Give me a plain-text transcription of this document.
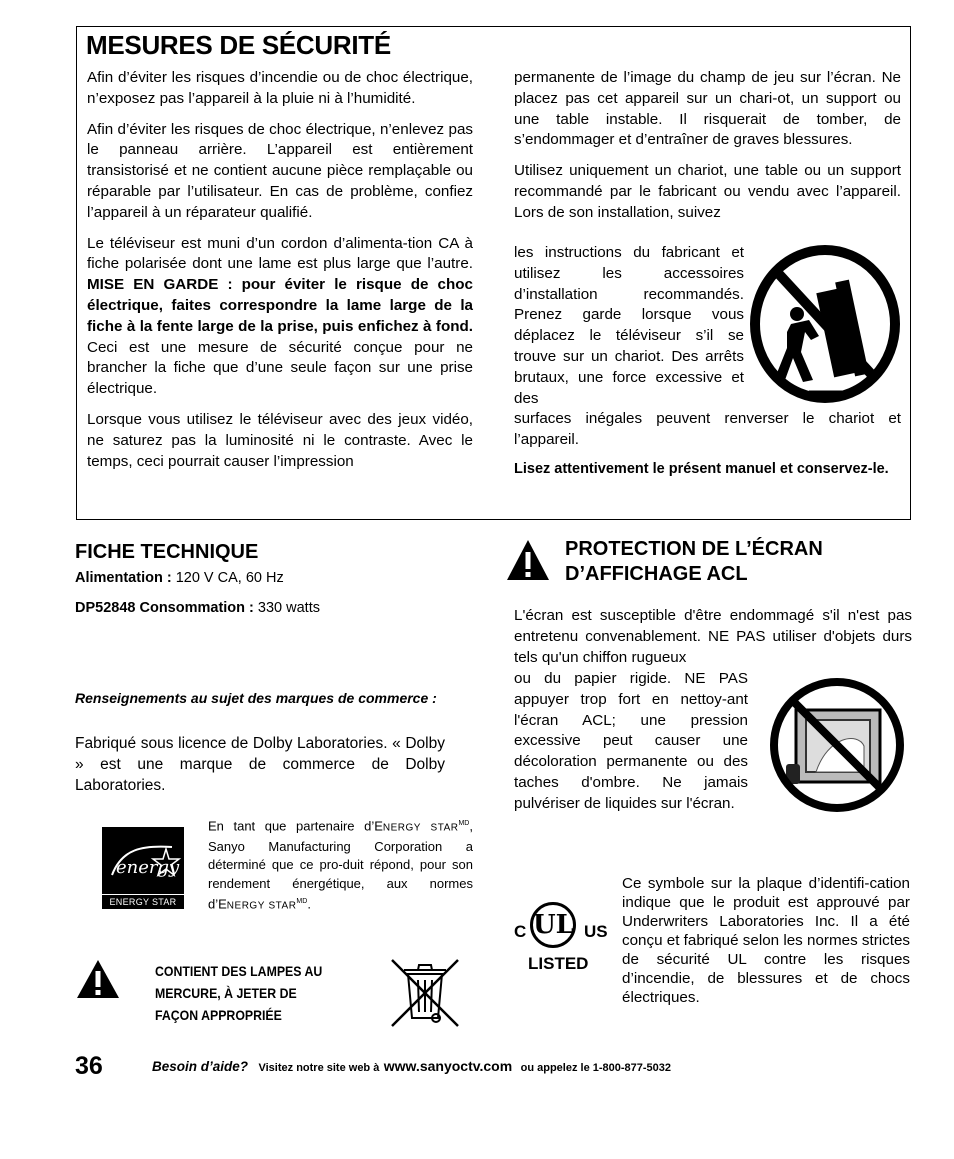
MESURES DE SÉCURITÉ

Afin d’éviter les risques d’incendie ou de choc électrique, n’exposez pas l’appareil à la pluie ni à l’humidité.

Afin d’éviter les risques de choc électrique, n’enlevez pas le panneau arrière. L’appareil est entièrement transistorisé et ne contient aucune pièce remplaçable ou réparable par l’utilisateur. En cas de problème, confiez l’appareil à un réparateur qualifié.

Le téléviseur est muni d’un cordon d’alimenta-tion CA à fiche polarisée dont une lame est plus large que l’autre. MISE EN GARDE : pour éviter le risque de choc électrique, faites correspondre la lame large de la fiche à la fente large de la prise, puis enfichez à fond. Ceci est une mesure de sécurité conçue pour ne brancher la fiche que d’une seule façon sur une prise électrique.

Lorsque vous utilisez le téléviseur avec des jeux vidéo, ne saturez pas la luminosité ni le contraste. Avec le temps, ceci pourrait causer l’impression

permanente de l’image du champ de jeu sur l’écran. Ne placez pas cet appareil sur un chari-ot, un support ou une table instable. Il risquerait de tomber, de s’endommager et d’entraîner de graves blessures.

Utilisez uniquement un chariot, une table ou un support recommandé par le fabricant ou vendu avec l’appareil. Lors de son installation, suivez

les instructions du fabricant et utilisez les accessoires d’installation recommandés. Prenez garde lorsque vous déplacez le téléviseur s’il se trouve sur un chariot. Des arrêts brutaux, une force excessive et des
surfaces inégales peuvent renverser le chariot et l’appareil.
Lisez attentivement le présent manuel et conservez-le.
FICHE TECHNIQUE
Alimentation : 120 V CA, 60 Hz
DP52848 Consommation : 330 watts
Renseignements au sujet des marques de commerce :
Fabriqué sous licence de Dolby Laboratories. « Dolby » est une marque de commerce de Dolby Laboratories.
energy
ENERGY STAR
En tant que partenaire d’ENERGY $STAR^{MD}$, Sanyo Manufacturing Corporation a déterminé que ce pro-duit répond, pour son rendement énergétique, aux normes d’ENERGY $STAR^{MD}$.
CONTIENT DES LAMPES AU
MERCURE, À JETER DE
FAÇON APPROPRIÉE
PROTECTION DE L’ÉCRAN
D’AFFICHAGE ACL
L'écran est susceptible d'être endommagé s'il n'est pas entretenu convenablement. NE PAS utiliser d'objets durs tels qu'un chiffon rugueux
ou du papier rigide. NE PAS appuyer trop fort en nettoy-ant l'écran ACL; une pression excessive peut causer une décoloration permanente ou des taches d'ombre. Ne jamais pulvériser de liquides sur l'écran.
C UL US
LISTED
Ce symbole sur la plaque d’identifi-cation indique que le produit est approuvé par Underwriters Laboratories Inc. Il a été conçu et fabriqué selon les normes strictes de sécurité UL contre les risques d’incendie, de blessures et de chocs électriques.
36	Besoin d’aide? Visitez notre site web à www.sanyoctv.com ou appelez le 1-800-877-5032
